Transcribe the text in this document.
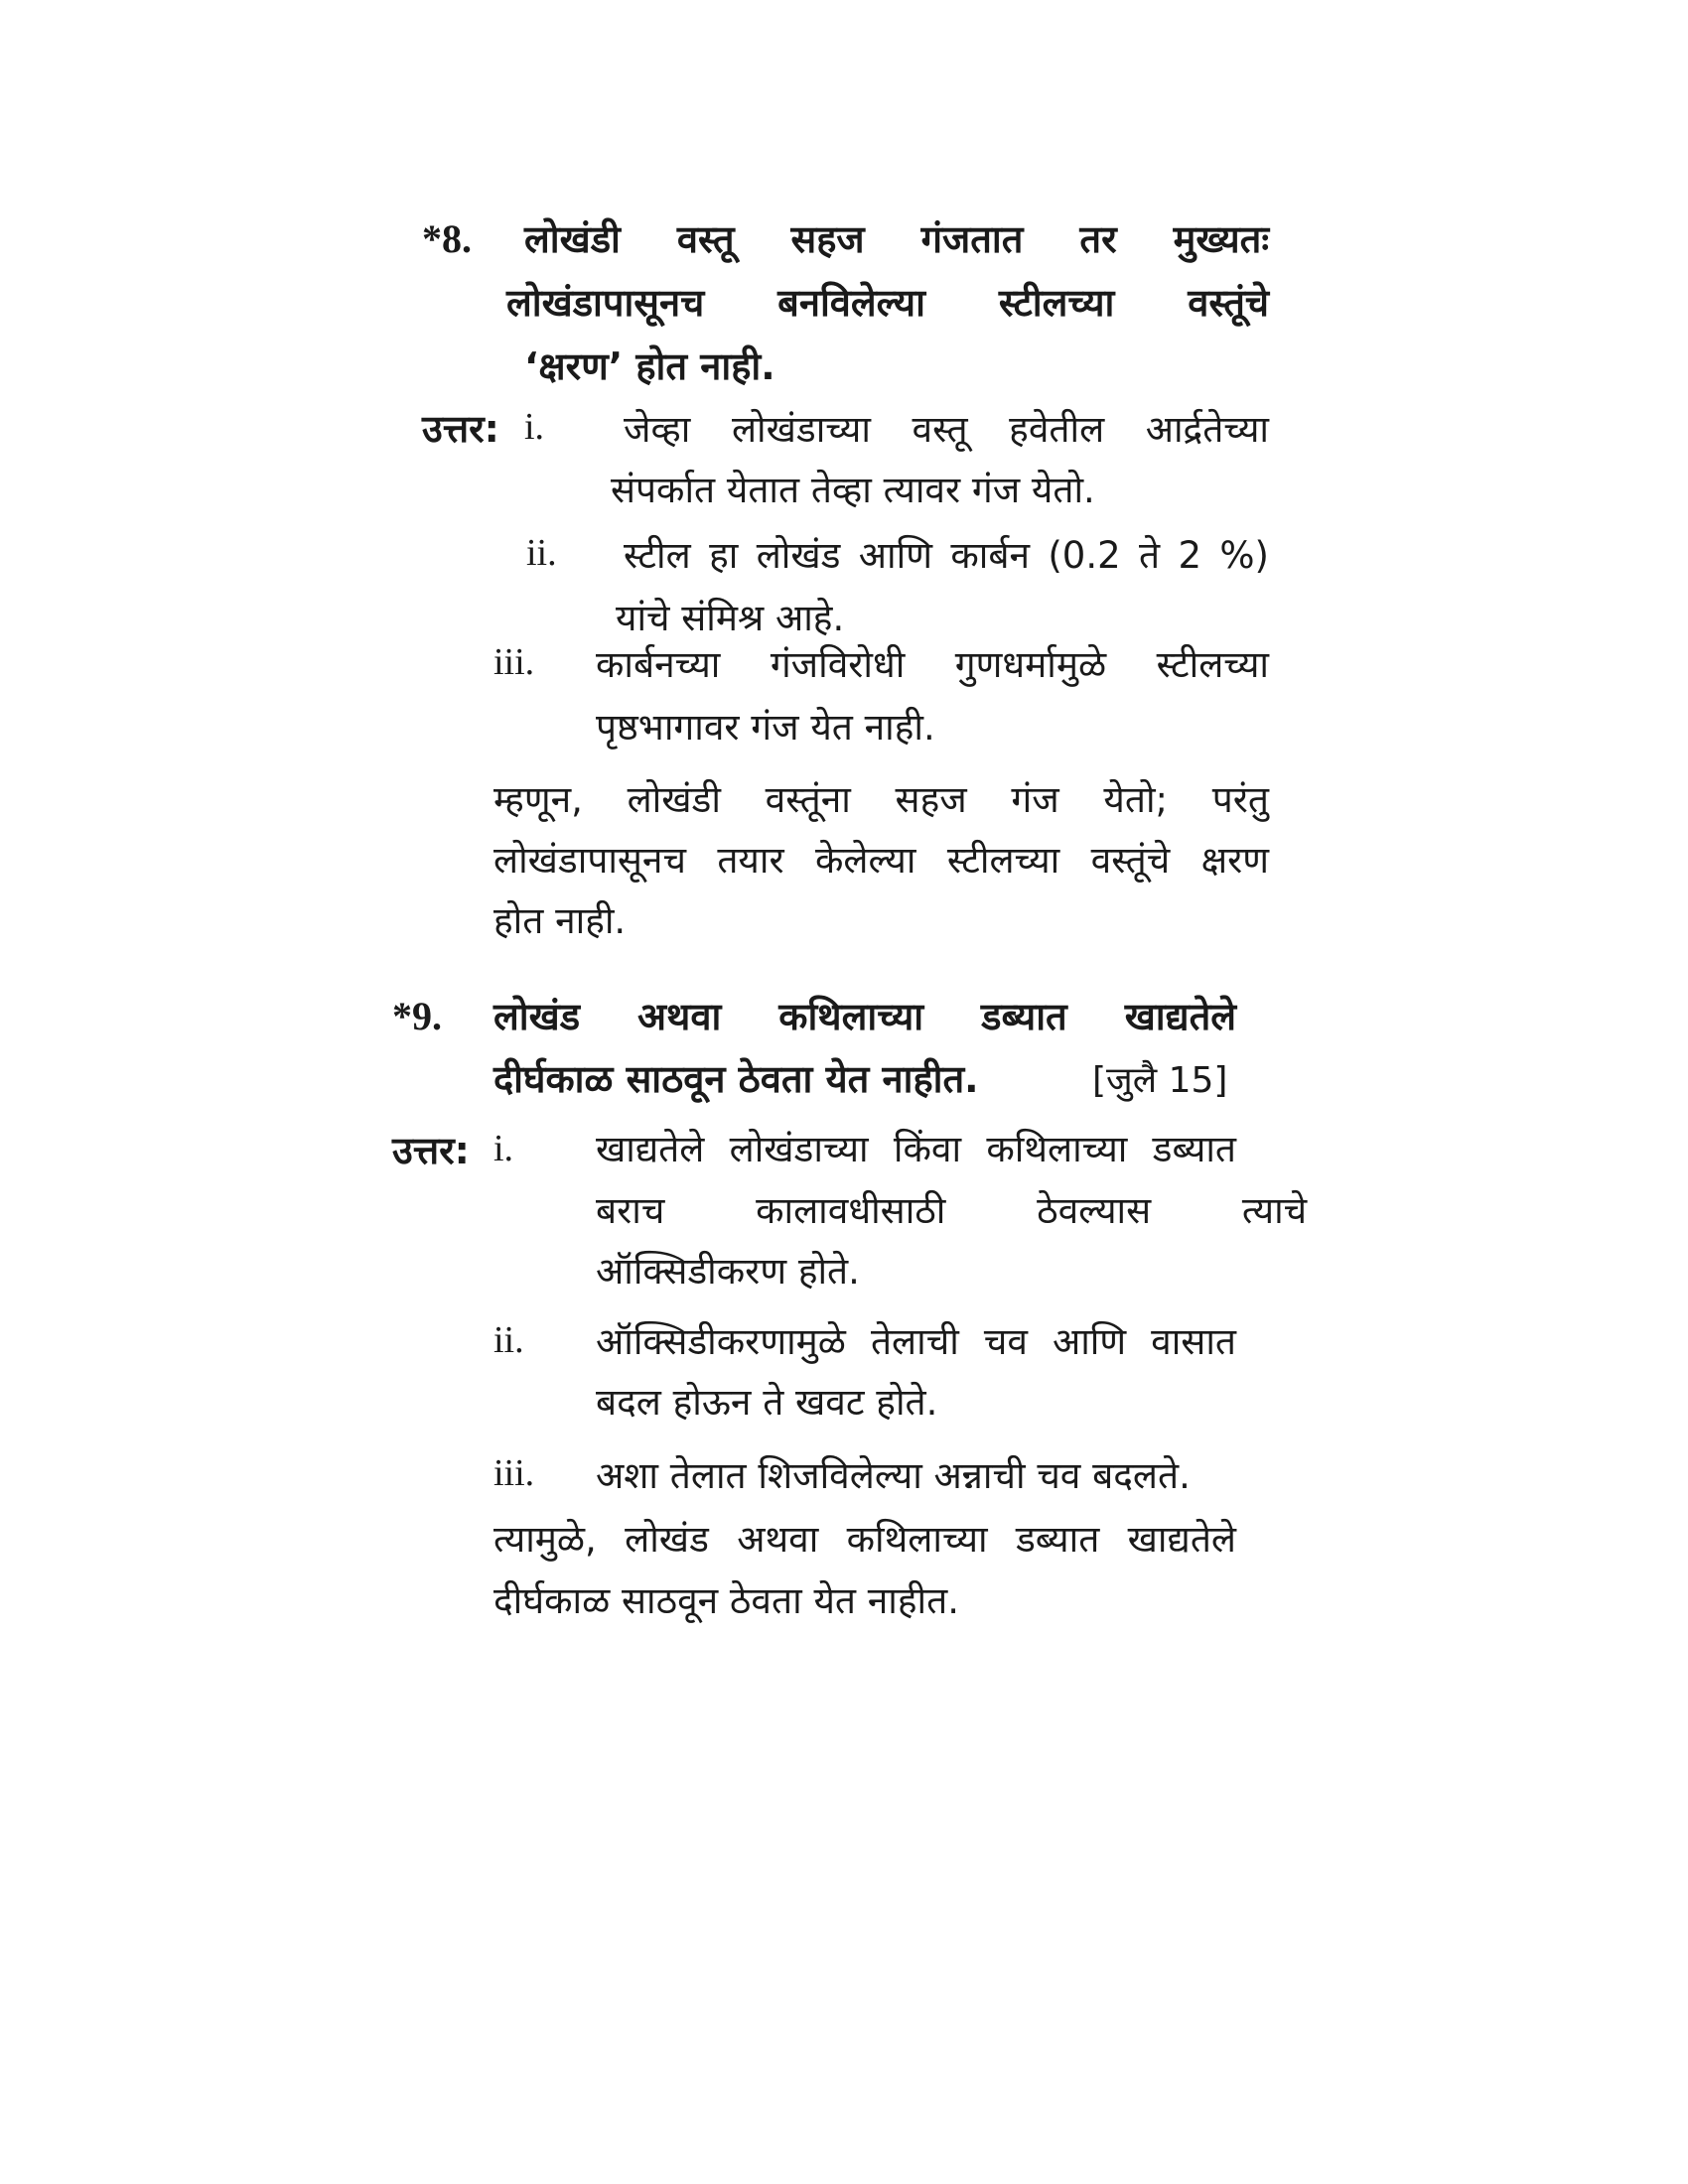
*8. लोखंडी वस्तू सहज गंजतात तर मुख्यतः
लोखंडापासूनच बनविलेल्या स्टीलच्या वस्तूंचे
‘क्षरण’ होत नाही.
उत्तर: i. जेव्हा लोखंडाच्या वस्तू हवेतील आर्द्रतेच्या
संपर्कात येतात तेव्हा त्यावर गंज येतो.
ii. स्टील हा लोखंड आणि कार्बन (0.2 ते 2 %)
यांचे संमिश्र आहे.
iii. कार्बनच्या गंजविरोधी गुणधर्मामुळे स्टीलच्या
पृष्ठभागावर गंज येत नाही.
म्हणून, लोखंडी वस्तूंना सहज गंज येतो; परंतु
लोखंडापासूनच तयार केलेल्या स्टीलच्या वस्तूंचे क्षरण
होत नाही.
*9. लोखंड अथवा कथिलाच्या डब्यात खाद्यतेले
दीर्घकाळ साठवून ठेवता येत नाहीत.	[जुलै 15]
उत्तर: i. खाद्यतेले लोखंडाच्या किंवा कथिलाच्या डब्यात
बराच कालावधीसाठी ठेवल्यास त्याचे
ऑक्सिडीकरण होते.
ii. ऑक्सिडीकरणामुळे तेलाची चव आणि वासात
बदल होऊन ते खवट होते.
iii. अशा तेलात शिजविलेल्या अन्नाची चव बदलते.
त्यामुळे, लोखंड अथवा कथिलाच्या डब्यात खाद्यतेले
दीर्घकाळ साठवून ठेवता येत नाहीत.
